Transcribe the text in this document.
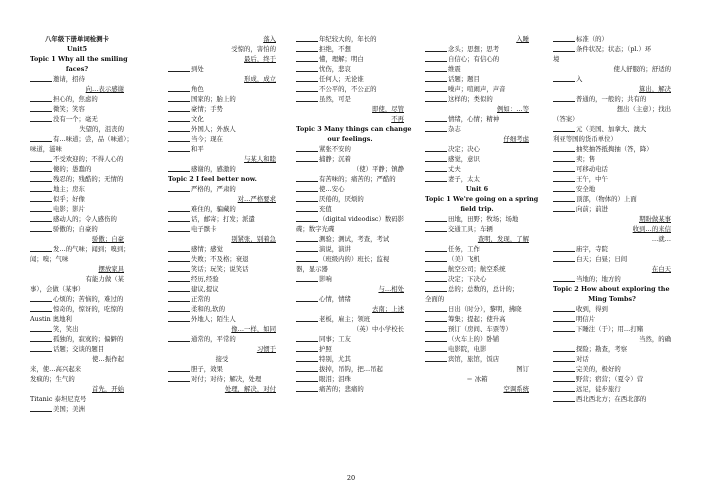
八年级下册单词检测卡
Unit5
Topic 1 Why all the smiling
faces?
邀请，招待
向…表示感谢
担心的，焦虑的
微笑；笑容
没有一个；毫无
失望的，沮丧的
有…味道；尝，品（味道）；
味道，滋味
不受欢迎的；不得人心的
傻的；愚蠢的
残忍的；残酷的；无情的
地主；房东
似乎；好像
电影；影片
感动人的；令人感伤的
骄傲的；自豪的
骄傲；自豪
发…的气味；闻到；嗅到；
闻；嗅；气味
摆放家具
有能力做（某
事），会做（某事）
心烦的；苦恼的，难过的
惊奇的，惊讶的，吃惊的
Austin 奥地利
笑，笑出
孤独的，寂寞的；偏僻的
话题；交谈的题目
使…振作起
来，使…高兴起来
发疯的；生气的
首先，开始
Titanic 泰坦尼克号
美国；美洲
落入
受惊的，害怕的
最后，终于
到处
形成，成立
角色
国家的；胎上的
豪情；手势
文化
外国人；外族人
当今；现在
和平
与某人和睦
感谢的，感激的
Topic 2 I feel better now.
严格的，严肃的
对…严格要求
难住的，骗藏的
话，邮寄；打发；派遣
电子髌卡
别紧张，别着急
感情；感觉
失败；不及格；衰退
笑话；玩笑；说笑话
经历,经验
建议,提议
正常的
柔和的,软的
外地人；陌生人
像…一样，如同
通常的，平常的
习惯于
接受
胆子，效果
对付；对待；解决，处理
处理，解决，对付
年纪较大的，年长的
拒绝，不想
懂，理解；明白
忧伤，悲哀
任何人；无论谁
不公平的，不公正的
虽然，可是
即使，尽管
不再
Topic 3 Many things can change
our feelings.
紧张不安的
捕静；沉着
（使）平静；镇静
有苦味的；痛苦的；严酷的
使…安心
厌倦的，厌烦的
充值
（digital videodisc）数码影
碟；数字光碟
测验；测试，考查，考试
演说，演讲
（班级内的）班长；监视
器，显示器
影响
与…相处
心情，情绪
去南；上述
老板，雇主；领班
（英）中小学校长
同事；工友
护照
特别，尤其
拔掉，吊钩，把…吊起
眼泪；泪珠
痛苦的；悲痛的
入睡
念头；思想；思考
自信心；有信心的
维震
话题；题目
噪声；喧闹声，声音
这样的；类似的
例如：…等
情绪，心情；精神
杂志
仔细考虑
决定；决心
感觉，意识
丈夫
妻子，太太
Unit 6
Topic 1 We're going on a spring
field trip.
田地，田野；牧场；场地
交通工具；车辆
查明，发现，了解
任务，工作
（美）飞机
航空公司；航空系统
决定；下决心
总的；总数的，总计的；
全面的
日出（时分），黎明，拂晓
筹集；提起；使升高
预订（房间、车票等）
（火车上的）卧铺
电影院，电影
宾馆，旅馆，饭店
图订
＝ 冰箱
空调系统
标准（的）
条件状况；状态；（pl.）环
境
使人舒服的；舒适的
入
算出，解决
普通的，一般的；共有的
想出（主意）；找出
（答案）
元（美国、加拿大、澳大
利亚等国的货币单位）
抽奖抽答抵掏抽（答，降）
卖；售
可移动电话
王午，中午
安全地
顶部，（物体的）上面
向前；前进
期盼做某事
收到…的来信
…就…
庙宇，寺院
白天；白昼；日间
在白天
当地的；地方的
Topic 2 How about exploring the
Ming Tombs?
收到，得到
明信片
下睡注（于）；用…打赌
当然，的确
探险；勘查，考察
对话
完美的，极好的
野营；宿营；（夏令）营
远足，徒步旅行
西北西北方；在西北部的
20
